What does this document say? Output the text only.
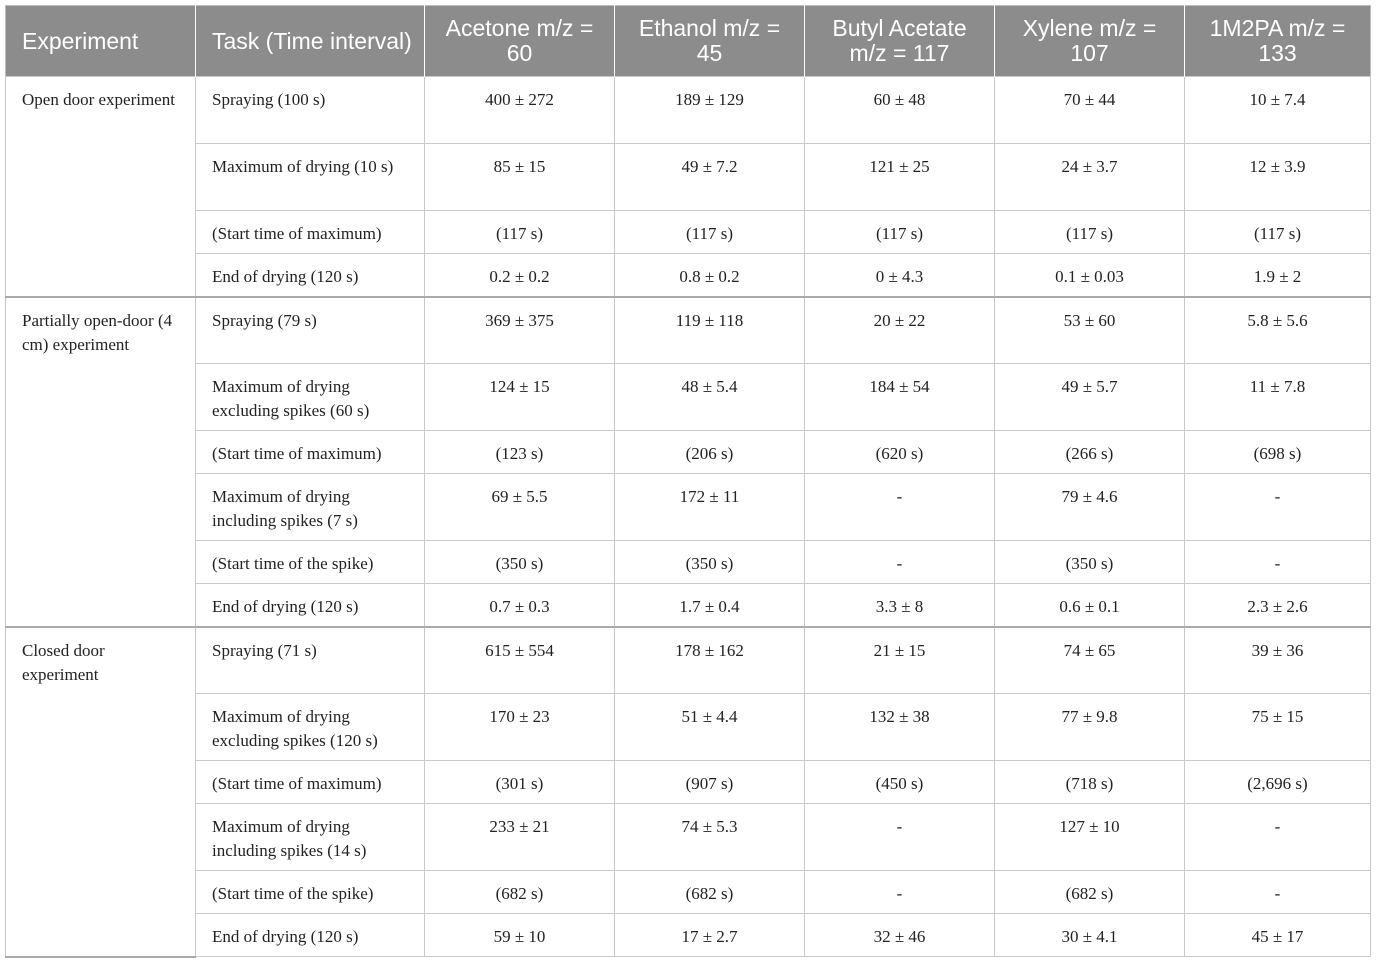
Experiment	Task (Time interval)	Acetone m/z = 60	Ethanol m/z = 45	Butyl Acetate m/z = 117	Xylene m/z = 107	1M2PA m/z = 133
Open door experiment	Spraying (100 s)	400 ± 272	189 ± 129	60 ± 48	70 ± 44	10 ± 7.4
	Maximum of drying (10 s)	85 ± 15	49 ± 7.2	121 ± 25	24 ± 3.7	12 ± 3.9
	(Start time of maximum)	(117 s)	(117 s)	(117 s)	(117 s)	(117 s)
	End of drying (120 s)	0.2 ± 0.2	0.8 ± 0.2	0 ± 4.3	0.1 ± 0.03	1.9 ± 2
Partially open-door (4 cm) experiment	Spraying (79 s)	369 ± 375	119 ± 118	20 ± 22	53 ± 60	5.8 ± 5.6
	Maximum of drying excluding spikes (60 s)	124 ± 15	48 ± 5.4	184 ± 54	49 ± 5.7	11 ± 7.8
	(Start time of maximum)	(123 s)	(206 s)	(620 s)	(266 s)	(698 s)
	Maximum of drying including spikes (7 s)	69 ± 5.5	172 ± 11	-	79 ± 4.6	-
	(Start time of the spike)	(350 s)	(350 s)	-	(350 s)	-
	End of drying (120 s)	0.7 ± 0.3	1.7 ± 0.4	3.3 ± 8	0.6 ± 0.1	2.3 ± 2.6
Closed door experiment	Spraying (71 s)	615 ± 554	178 ± 162	21 ± 15	74 ± 65	39 ± 36
	Maximum of drying excluding spikes (120 s)	170 ± 23	51 ± 4.4	132 ± 38	77 ± 9.8	75 ± 15
	(Start time of maximum)	(301 s)	(907 s)	(450 s)	(718 s)	(2,696 s)
	Maximum of drying including spikes (14 s)	233 ± 21	74 ± 5.3	-	127 ± 10	-
	(Start time of the spike)	(682 s)	(682 s)	-	(682 s)	-
	End of drying (120 s)	59 ± 10	17 ± 2.7	32 ± 46	30 ± 4.1	45 ± 17
